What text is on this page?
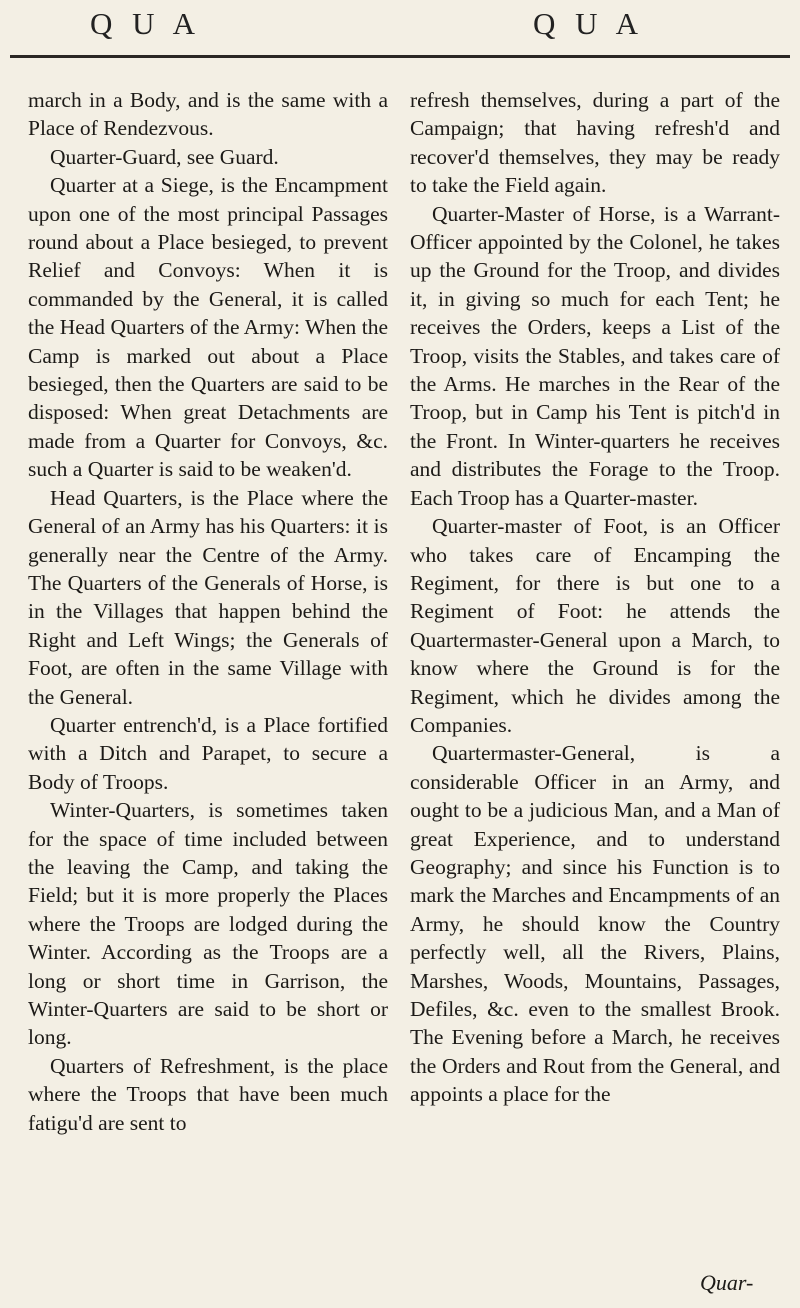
Q U A	Q U A

march in a Body, and is the same with a Place of Rendezvous.

Quarter-Guard, see Guard.

Quarter at a Siege, is the Encampment upon one of the most principal Passages round about a Place besieged, to prevent Relief and Convoys: When it is commanded by the General, it is called the Head Quarters of the Army: When the Camp is marked out about a Place besieged, then the Quarters are said to be disposed: When great Detachments are made from a Quarter for Convoys, &c. such a Quarter is said to be weaken'd.

Head Quarters, is the Place where the General of an Army has his Quarters: it is generally near the Centre of the Army. The Quarters of the Generals of Horse, is in the Villages that happen behind the Right and Left Wings; the Generals of Foot, are often in the same Village with the General.

Quarter entrench'd, is a Place fortified with a Ditch and Parapet, to secure a Body of Troops.

Winter-Quarters, is sometimes taken for the space of time included between the leaving the Camp, and taking the Field; but it is more properly the Places where the Troops are lodged during the Winter. According as the Troops are a long or short time in Garrison, the Winter-Quarters are said to be short or long.

Quarters of Refreshment, is the place where the Troops that have been much fatigu'd are sent to

refresh themselves, during a part of the Campaign; that having refresh'd and recover'd themselves, they may be ready to take the Field again.

Quarter-Master of Horse, is a Warrant-Officer appointed by the Colonel, he takes up the Ground for the Troop, and divides it, in giving so much for each Tent; he receives the Orders, keeps a List of the Troop, visits the Stables, and takes care of the Arms. He marches in the Rear of the Troop, but in Camp his Tent is pitch'd in the Front. In Winter-quarters he receives and distributes the Forage to the Troop. Each Troop has a Quarter-master.

Quarter-master of Foot, is an Officer who takes care of Encamping the Regiment, for there is but one to a Regiment of Foot: he attends the Quartermaster-General upon a March, to know where the Ground is for the Regiment, which he divides among the Companies.

Quartermaster-General, is a considerable Officer in an Army, and ought to be a judicious Man, and a Man of great Experience, and to understand Geography; and since his Function is to mark the Marches and Encampments of an Army, he should know the Country perfectly well, all the Rivers, Plains, Marshes, Woods, Mountains, Passages, Defiles, &c. even to the smallest Brook. The Evening before a March, he receives the Orders and Rout from the General, and appoints a place for the

Quar-
